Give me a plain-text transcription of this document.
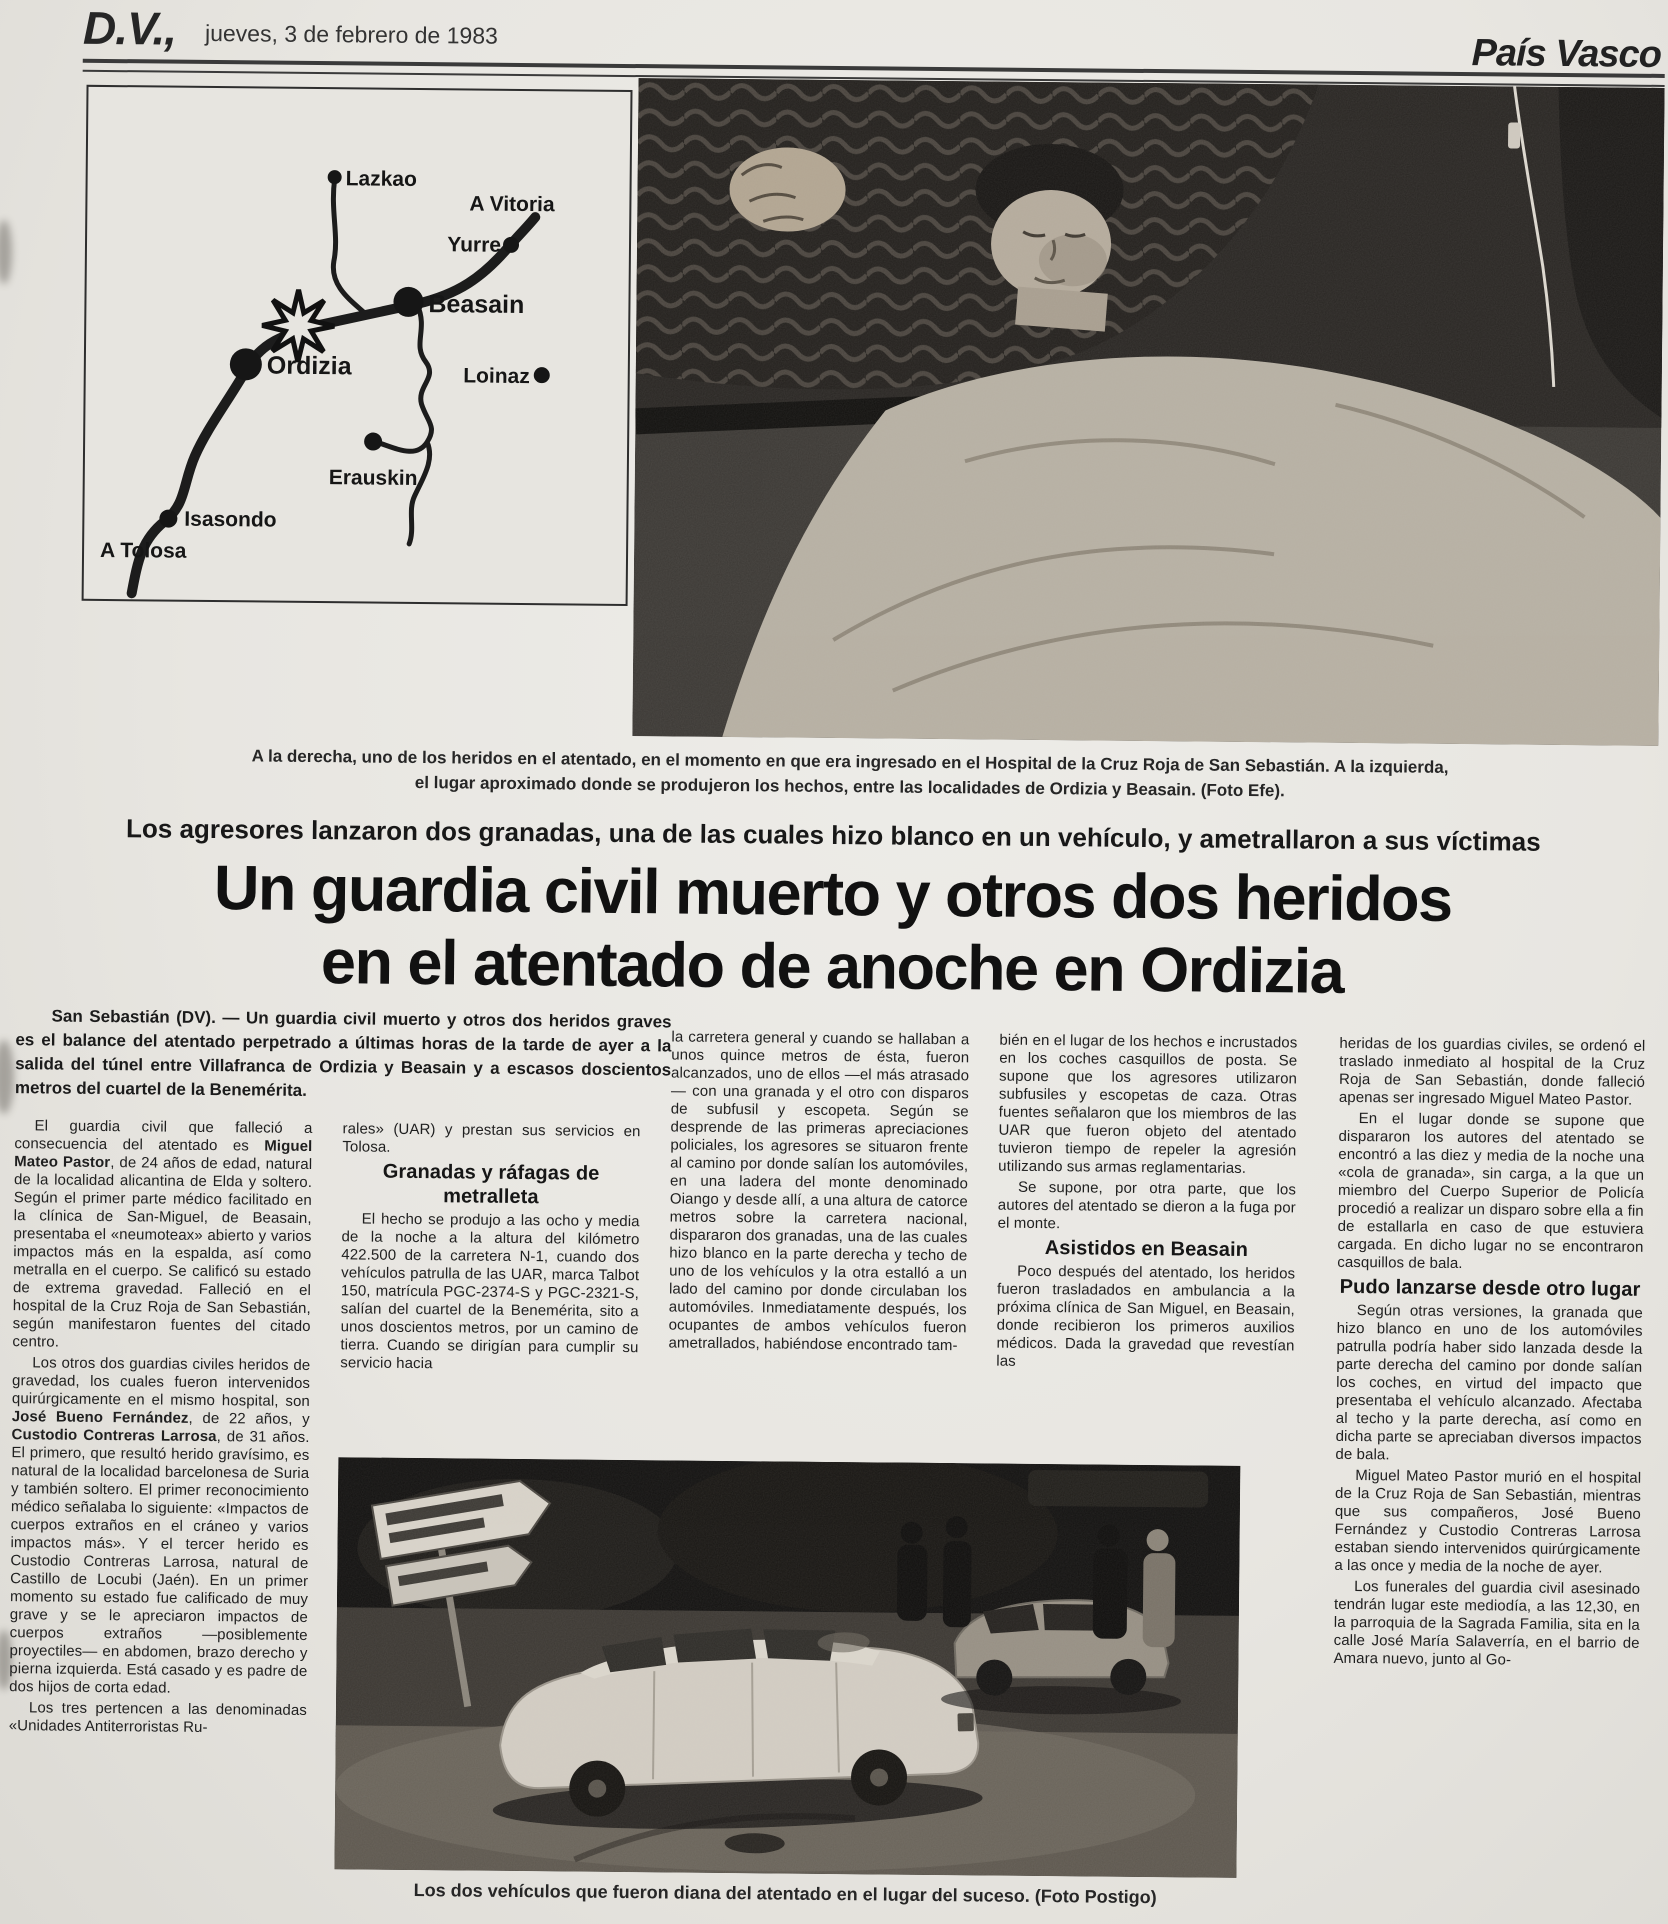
D.V., jueves, 3 de febrero de 1983	País Vasco
Lazkao
A Vitoria
Yurre
Beasain
Ordizia	Loinaz
Erauskin
Isasondo
A Tolosa
A la derecha, uno de los heridos en el atentado, en el momento en que era ingresado en el Hospital de la Cruz Roja de San Sebastián. A la izquierda, el lugar aproximado donde se produjeron los hechos, entre las localidades de Ordizia y Beasain. (Foto Efe).
Los agresores lanzaron dos granadas, una de las cuales hizo blanco en un vehículo, y ametrallaron a sus víctimas
Un guardia civil muerto y otros dos heridos
en el atentado de anoche en Ordizia

San Sebastián (DV). — Un guardia civil muerto y otros dos heridos graves es el balance del atentado perpetrado a últimas horas de la tarde de ayer a la salida del túnel entre Villafranca de Ordizia y Beasain y a escasos doscientos metros del cuartel de la Benemérita.

El guardia civil que falleció a consecuencia del atentado es Miguel Mateo Pastor, de 24 años de edad, natural de la localidad alicantina de Elda y soltero. Según el primer parte médico facilitado en la clínica de San-Miguel, de Beasain, presentaba el «neumoteax» abierto y varios impactos más en la espalda, así como metralla en el cuerpo. Se calificó su estado de extrema gravedad. Falleció en el hospital de la Cruz Roja de San Sebastián, según manifestaron fuentes del citado centro.

Los otros dos guardias civiles heridos de gravedad, los cuales fueron intervenidos quirúrgicamente en el mismo hospital, son José Bueno Fernández, de 22 años, y Custodio Contreras Larrosa, de 31 años. El primero, que resultó herido gravísimo, es natural de la localidad barcelonesa de Suria y también soltero. El primer reconocimiento médico señalaba lo siguiente: «Impactos de cuerpos extraños en el cráneo y varios impactos más». Y el tercer herido es Custodio Contreras Larrosa, natural de Castillo de Locubi (Jaén). En un primer momento su estado fue calificado de muy grave y se le apreciaron impactos de cuerpos extraños —posiblemente proyectiles— en abdomen, brazo derecho y pierna izquierda. Está casado y es padre de dos hijos de corta edad.

Los tres pertencen a las denominadas «Unidades Antiterroristas Ru-

rales» (UAR) y prestan sus servicios en Tolosa.

Granadas y ráfagas de metralleta

El hecho se produjo a las ocho y media de la noche a la altura del kilómetro 422.500 de la carretera N-1, cuando dos vehículos patrulla de las UAR, marca Talbot 150, matrícula PGC-2374-S y PGC-2321-S, salían del cuartel de la Benemérita, sito a unos doscientos metros, por un camino de tierra. Cuando se dirigían para cumplir su servicio hacia

la carretera general y cuando se hallaban a unos quince metros de ésta, fueron alcanzados, uno de ellos —el más atrasado— con una granada y el otro con disparos de subfusil y escopeta. Según se desprende de las primeras apreciaciones policiales, los agresores se situaron frente al camino por donde salían los automóviles, en una ladera del monte denominado Oiango y desde allí, a una altura de catorce metros sobre la carretera nacional, dispararon dos granadas, una de las cuales hizo blanco en la parte derecha y techo de uno de los vehículos y la otra estalló a un lado del camino por donde circulaban los automóviles. Inmediatamente después, los ocupantes de ambos vehículos fueron ametrallados, habiéndose encontrado tam-

bién en el lugar de los hechos e incrustados en los coches casquillos de posta. Se supone que los agresores utilizaron subfusiles y escopetas de caza. Otras fuentes señalaron que los miembros de las UAR que fueron objeto del atentado tuvieron tiempo de repeler la agresión utilizando sus armas reglamentarias.

Se supone, por otra parte, que los autores del atentado se dieron a la fuga por el monte.

Asistidos en Beasain

Poco después del atentado, los heridos fueron trasladados en ambulancia a la próxima clínica de San Miguel, en Beasain, donde recibieron los primeros auxilios médicos. Dada la gravedad que revestían las

heridas de los guardias civiles, se ordenó el traslado inmediato al hospital de la Cruz Roja de San Sebastián, donde falleció apenas ser ingresado Miguel Mateo Pastor.

En el lugar donde se supone que dispararon los autores del atentado se encontró a las diez y media de la noche una «cola de granada», sin carga, a la que un miembro del Cuerpo Superior de Policía procedió a realizar un disparo sobre ella a fin de estallarla en caso de que estuviera cargada. En dicho lugar no se encontraron casquillos de bala.

Pudo lanzarse desde otro lugar

Según otras versiones, la granada que hizo blanco en uno de los automóviles patrulla podría haber sido lanzada desde la parte derecha del camino por donde salían los coches, en virtud del impacto que presentaba el vehículo alcanzado. Afectaba al techo y la parte derecha, así como en dicha parte se apreciaban diversos impactos de bala.

Miguel Mateo Pastor murió en el hospital de la Cruz Roja de San Sebastián, mientras que sus compañeros, José Bueno Fernández y Custodio Contreras Larrosa estaban siendo intervenidos quirúrgicamente a las once y media de la noche de ayer.

Los funerales del guardia civil asesinado tendrán lugar este mediodía, a las 12,30, en la parroquia de la Sagrada Familia, sita en la calle José María Salaverría, en el barrio de Amara nuevo, junto al Go-

Los dos vehículos que fueron diana del atentado en el lugar del suceso. (Foto Postigo)
